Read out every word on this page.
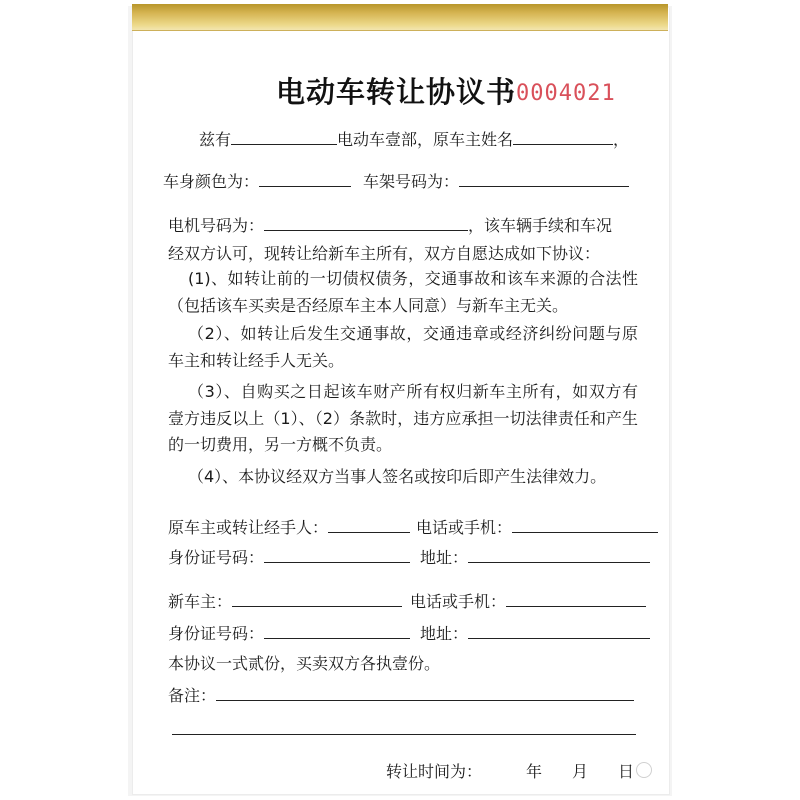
电动车转让协议书0004021
兹有	电动车壹部，原车主姓名	，
车身颜色为：	车架号码为：
电机号码为：	，该车辆手续和车况
经双方认可，现转让给新车主所有，双方自愿达成如下协议：

(1)、如转让前的一切债权债务，交通事故和该车来源的合法性（包括该车买卖是否经原车主本人同意）与新车主无关。

（2）、如转让后发生交通事故，交通违章或经济纠纷问题与原车主和转让经手人无关。

（3）、自购买之日起该车财产所有权归新车主所有，如双方有壹方违反以上（1）、（2）条款时，违方应承担一切法律责任和产生的一切费用，另一方概不负责。

（4）、本协议经双方当事人签名或按印后即产生法律效力。

原车主或转让经手人：	电话或手机：
身份证号码：	地址：
新车主：	电话或手机：
身份证号码：	地址：
本协议一式贰份，买卖双方各执壹份。
备注：
转让时间为：	年 月 日
